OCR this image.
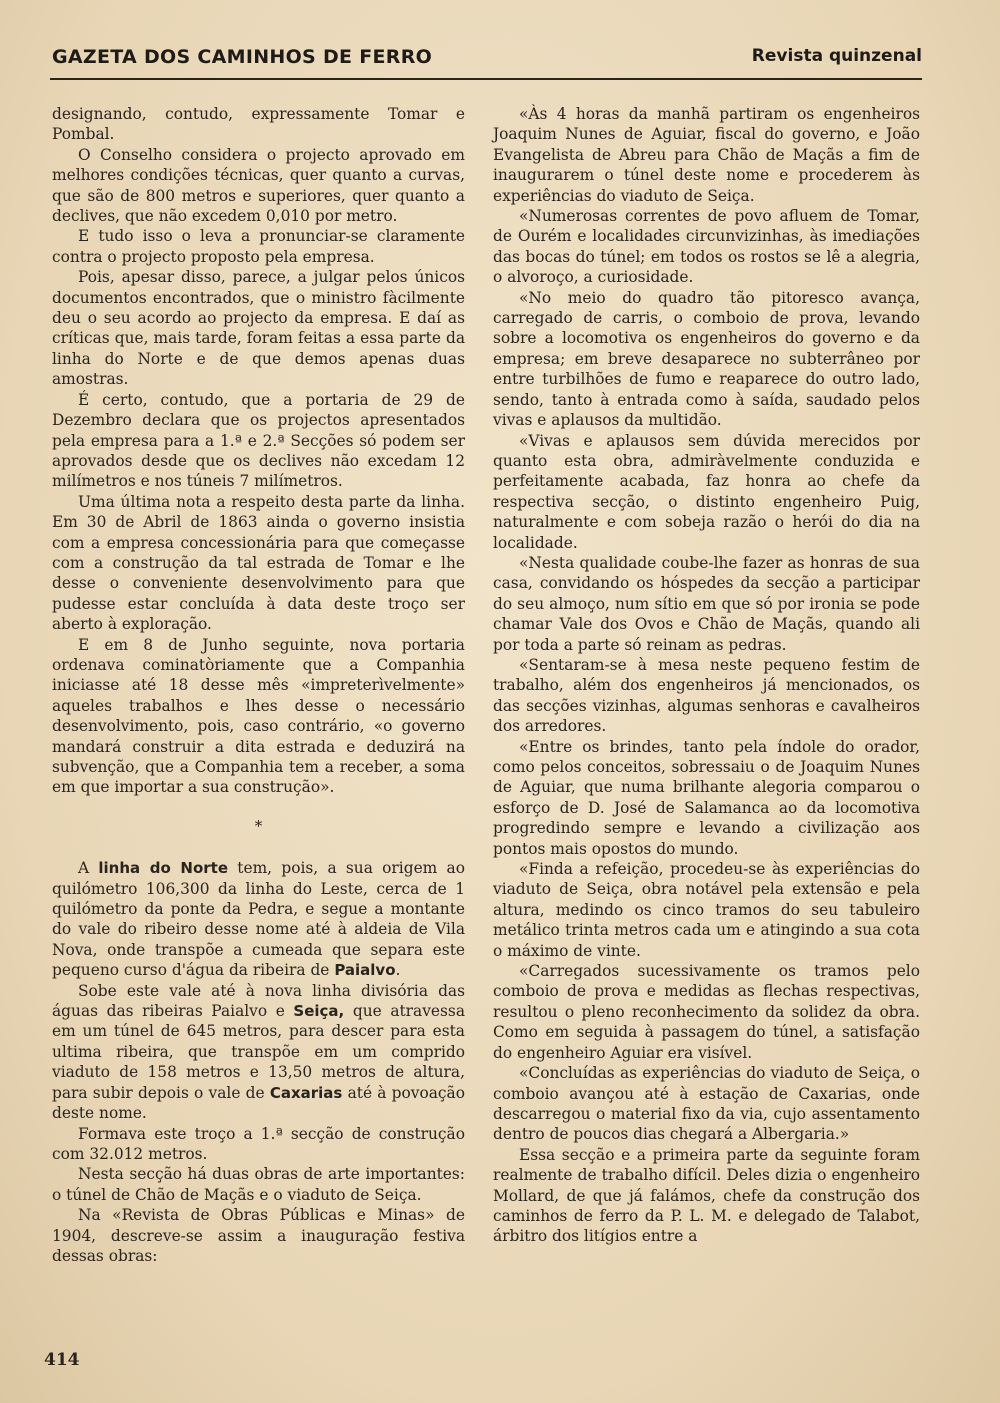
GAZETA DOS CAMINHOS DE FERRO	Revista quinzenal

designando, contudo, expressamente Tomar e Pombal.

O Conselho considera o projecto aprovado em melhores condições técnicas, quer quanto a curvas, que são de 800 metros e superiores, quer quanto a declives, que não excedem 0,010 por metro.

E tudo isso o leva a pronunciar-se claramente contra o projecto proposto pela empresa.

Pois, apesar disso, parece, a julgar pelos únicos documentos encontrados, que o ministro fàcilmente deu o seu acordo ao projecto da empresa. E daí as críticas que, mais tarde, foram feitas a essa parte da linha do Norte e de que demos apenas duas amostras.

É certo, contudo, que a portaria de 29 de Dezembro declara que os projectos apresentados pela empresa para a 1.ª e 2.ª Secções só podem ser aprovados desde que os declives não excedam 12 milímetros e nos túneis 7 milímetros.

Uma última nota a respeito desta parte da linha. Em 30 de Abril de 1863 ainda o governo insistia com a empresa concessionária para que começasse com a construção da tal estrada de Tomar e lhe desse o conveniente desenvolvimento para que pudesse estar concluída à data deste troço ser aberto à exploração.

E em 8 de Junho seguinte, nova portaria ordenava cominatòriamente que a Companhia iniciasse até 18 desse mês «impreterìvelmente» aqueles trabalhos e lhes desse o necessário desenvolvimento, pois, caso contrário, «o governo mandará construir a dita estrada e deduzirá na subvenção, que a Companhia tem a receber, a soma em que importar a sua construção».

*

A linha do Norte tem, pois, a sua origem ao quilómetro 106,300 da linha do Leste, cerca de 1 quilómetro da ponte da Pedra, e segue a montante do vale do ribeiro desse nome até à aldeia de Vila Nova, onde transpõe a cumeada que separa este pequeno curso d'água da ribeira de Paialvo.

Sobe este vale até à nova linha divisória das águas das ribeiras Paialvo e Seiça, que atravessa em um túnel de 645 metros, para descer para esta ultima ribeira, que transpõe em um comprido viaduto de 158 metros e 13,50 metros de altura, para subir depois o vale de Caxarias até à povoação deste nome.

Formava este troço a 1.ª secção de construção com 32.012 metros.

Nesta secção há duas obras de arte importantes: o túnel de Chão de Maçãs e o viaduto de Seiça.

Na «Revista de Obras Públicas e Minas» de 1904, descreve-se assim a inauguração festiva dessas obras:

«Às 4 horas da manhã partiram os engenheiros Joaquim Nunes de Aguiar, fiscal do governo, e João Evangelista de Abreu para Chão de Maçãs a fim de inaugurarem o túnel deste nome e procederem às experiências do viaduto de Seiça.

«Numerosas correntes de povo afluem de Tomar, de Ourém e localidades circunvizinhas, às imediações das bocas do túnel; em todos os rostos se lê a alegria, o alvoroço, a curiosidade.

«No meio do quadro tão pitoresco avança, carregado de carris, o comboio de prova, levando sobre a locomotiva os engenheiros do governo e da empresa; em breve desaparece no subterrâneo por entre turbilhões de fumo e reaparece do outro lado, sendo, tanto à entrada como à saída, saudado pelos vivas e aplausos da multidão.

«Vivas e aplausos sem dúvida merecidos por quanto esta obra, admiràvelmente conduzida e perfeitamente acabada, faz honra ao chefe da respectiva secção, o distinto engenheiro Puig, naturalmente e com sobeja razão o herói do dia na localidade.

«Nesta qualidade coube-lhe fazer as honras de sua casa, convidando os hóspedes da secção a participar do seu almoço, num sítio em que só por ironia se pode chamar Vale dos Ovos e Chão de Maçãs, quando ali por toda a parte só reinam as pedras.

«Sentaram-se à mesa neste pequeno festim de trabalho, além dos engenheiros já mencionados, os das secções vizinhas, algumas senhoras e cavalheiros dos arredores.

«Entre os brindes, tanto pela índole do orador, como pelos conceitos, sobressaiu o de Joaquim Nunes de Aguiar, que numa brilhante alegoria comparou o esforço de D. José de Salamanca ao da locomotiva progredindo sempre e levando a civilização aos pontos mais opostos do mundo.

«Finda a refeição, procedeu-se às experiências do viaduto de Seiça, obra notável pela extensão e pela altura, medindo os cinco tramos do seu tabuleiro metálico trinta metros cada um e atingindo a sua cota o máximo de vinte.

«Carregados sucessivamente os tramos pelo comboio de prova e medidas as flechas respectivas, resultou o pleno reconhecimento da solidez da obra. Como em seguida à passagem do túnel, a satisfação do engenheiro Aguiar era visível.

«Concluídas as experiências do viaduto de Seiça, o comboio avançou até à estação de Caxarias, onde descarregou o material fixo da via, cujo assentamento dentro de poucos dias chegará a Albergaria.»

Essa secção e a primeira parte da seguinte foram realmente de trabalho difícil. Deles dizia o engenheiro Mollard, de que já falámos, chefe da construção dos caminhos de ferro da P. L. M. e delegado de Talabot, árbitro dos litígios entre a

414
